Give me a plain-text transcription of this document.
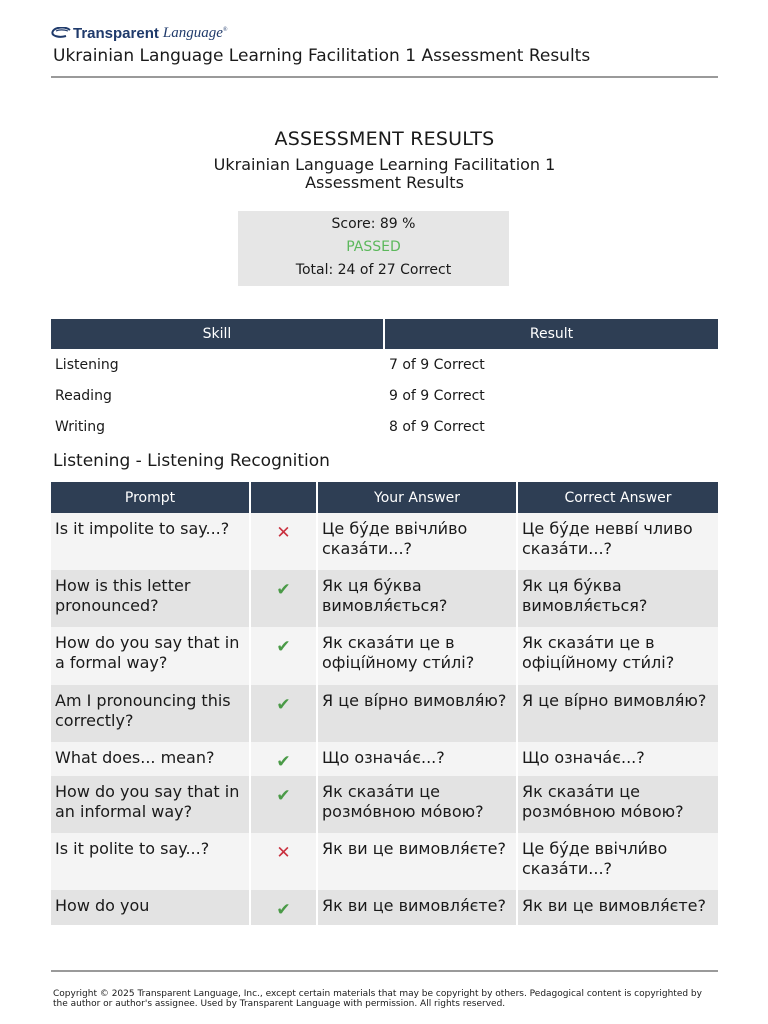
Transparent Language®
Ukrainian Language Learning Facilitation 1 Assessment Results
ASSESSMENT RESULTS
Ukrainian Language Learning Facilitation 1
Assessment Results
Score: 89 %
PASSED
Total: 24 of 27 Correct
Skill	Result
Listening	7 of 9 Correct
Reading	9 of 9 Correct
Writing	8 of 9 Correct
Listening - Listening Recognition
Prompt		Your Answer	Correct Answer
Is it impolite to say...?	✕	Це бу́де ввічли́во сказа́ти...?	Це бу́де неввí чливо сказа́ти...?
How is this letter pronounced?	✔	Як ця бу́ква вимовля́ється?	Як ця бу́ква вимовля́ється?
How do you say that in a formal way?	✔	Як сказа́ти це в офіці́йному сти́лі?	Як сказа́ти це в офіці́йному сти́лі?
Am I pronouncing this correctly?	✔	Я це ві́рно вимовля́ю?	Я це ві́рно вимовля́ю?
What does... mean?	✔	Що означа́є...?	Що означа́є...?
How do you say that in an informal way?	✔	Як сказа́ти це розмо́вною мо́вою?	Як сказа́ти це розмо́вною мо́вою?
Is it polite to say...?	✕	Як ви це вимовля́єте?	Це бу́де ввічли́во сказа́ти...?
How do you	✔	Як ви це вимовля́єте?	Як ви це вимовля́єте?
Copyright © 2025 Transparent Language, Inc., except certain materials that may be copyright by others. Pedagogical content is copyrighted by the author or author's assignee. Used by Transparent Language with permission. All rights reserved.
